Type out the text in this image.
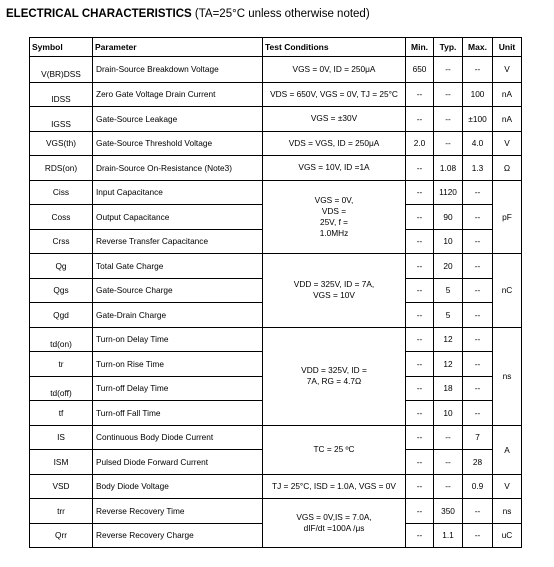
ELECTRICAL CHARACTERISTICS (TA=25°C unless otherwise noted)
Symbol	Parameter	Test Conditions	Min.	Typ.	Max.	Unit
V(BR)DSS	Drain-Source Breakdown Voltage	VGS = 0V, ID = 250μA	650	--	--	V
IDSS	Zero Gate Voltage Drain Current	VDS = 650V, VGS = 0V, TJ = 25°C	--	--	100	nA
IGSS	Gate-Source Leakage	VGS = ±30V	--	--	±100	nA
VGS(th)	Gate-Source Threshold Voltage	VDS = VGS, ID = 250μA	2.0	--	4.0	V
RDS(on)	Drain-Source On-Resistance (Note3)	VGS = 10V, ID =1A	--	1.08	1.3	Ω
Ciss	Input Capacitance	VGS = 0V,
VDS =
25V, f =
1.0MHz	--	1120	--	pF
Coss	Output Capacitance		--	90	--	
Crss	Reverse Transfer Capacitance		--	10	--	
Qg	Total Gate Charge	VDD = 325V, ID = 7A,
VGS = 10V	--	20	--	nC
Qgs	Gate-Source Charge		--	5	--	
Qgd	Gate-Drain Charge		--	5	--	
td(on)	Turn-on Delay Time	VDD = 325V, ID =
7A, RG = 4.7Ω	--	12	--	ns
tr	Turn-on Rise Time		--	12	--	
td(off)	Turn-off Delay Time		--	18	--	
tf	Turn-off Fall Time		--	10	--	
IS	Continuous Body Diode Current	TC = 25 ºC	--	--	7	A
ISM	Pulsed Diode Forward Current		--	--	28	
VSD	Body Diode Voltage	TJ = 25°C, ISD = 1.0A, VGS = 0V	--	--	0.9	V
trr	Reverse Recovery Time	VGS = 0V,IS = 7.0A,
dIF/dt =100A /μs	--	350	--	ns
Qrr	Reverse Recovery Charge		--	1.1	--	uC
